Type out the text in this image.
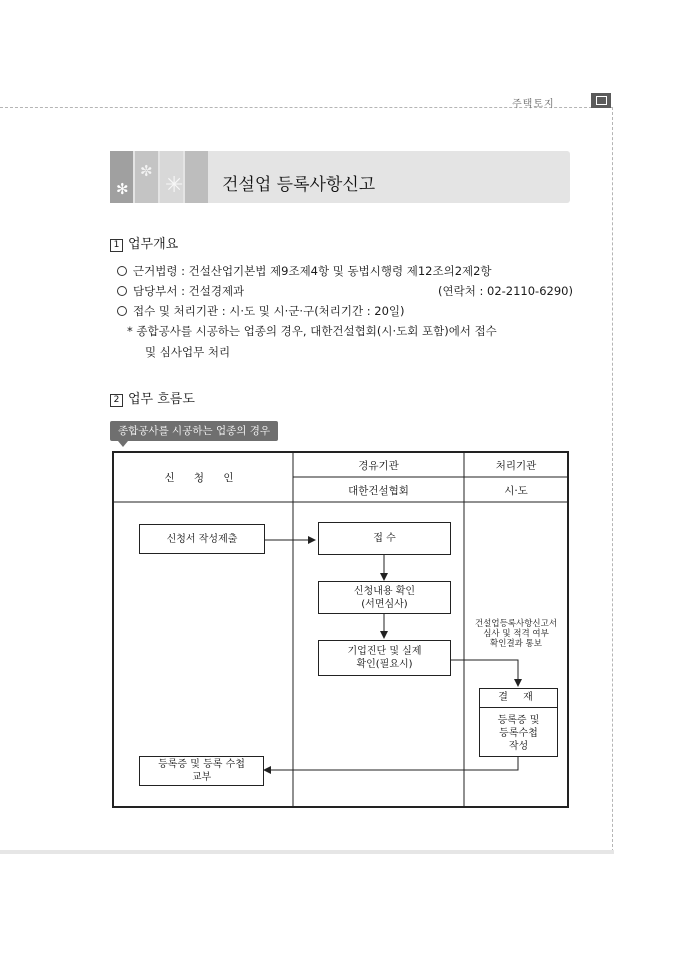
주택토지
✻
✼
✳ 건설업 등록사항신고
1 업무개요
근거법령 : 건설산업기본법 제9조제4항 및 동법시행령 제12조의2제2항
담당부서 : 건설경제과	(연락처 : 02-2110-6290)
접수 및 처리기관 : 시·도 및 시·군·구(처리기간 : 20일)
* 종합공사를 시공하는 업종의 경우, 대한건설협회(시·도회 포함)에서 접수
및 심사업무 처리
2 업무 흐름도
종합공사를 시공하는 업종의 경우
신 청 인
경유기관
대한건설협회
처리기관
시·도
신청서 작성제출	접 수
신청내용 확인
(서면심사)
기업진단 및 실제
확인(필요시)
건설업등록사항신고서
심사 및 적격 여부
확인결과 통보
결 재
등록증 및
등록수첩
작성
등록증 및 등록 수첩
교부
